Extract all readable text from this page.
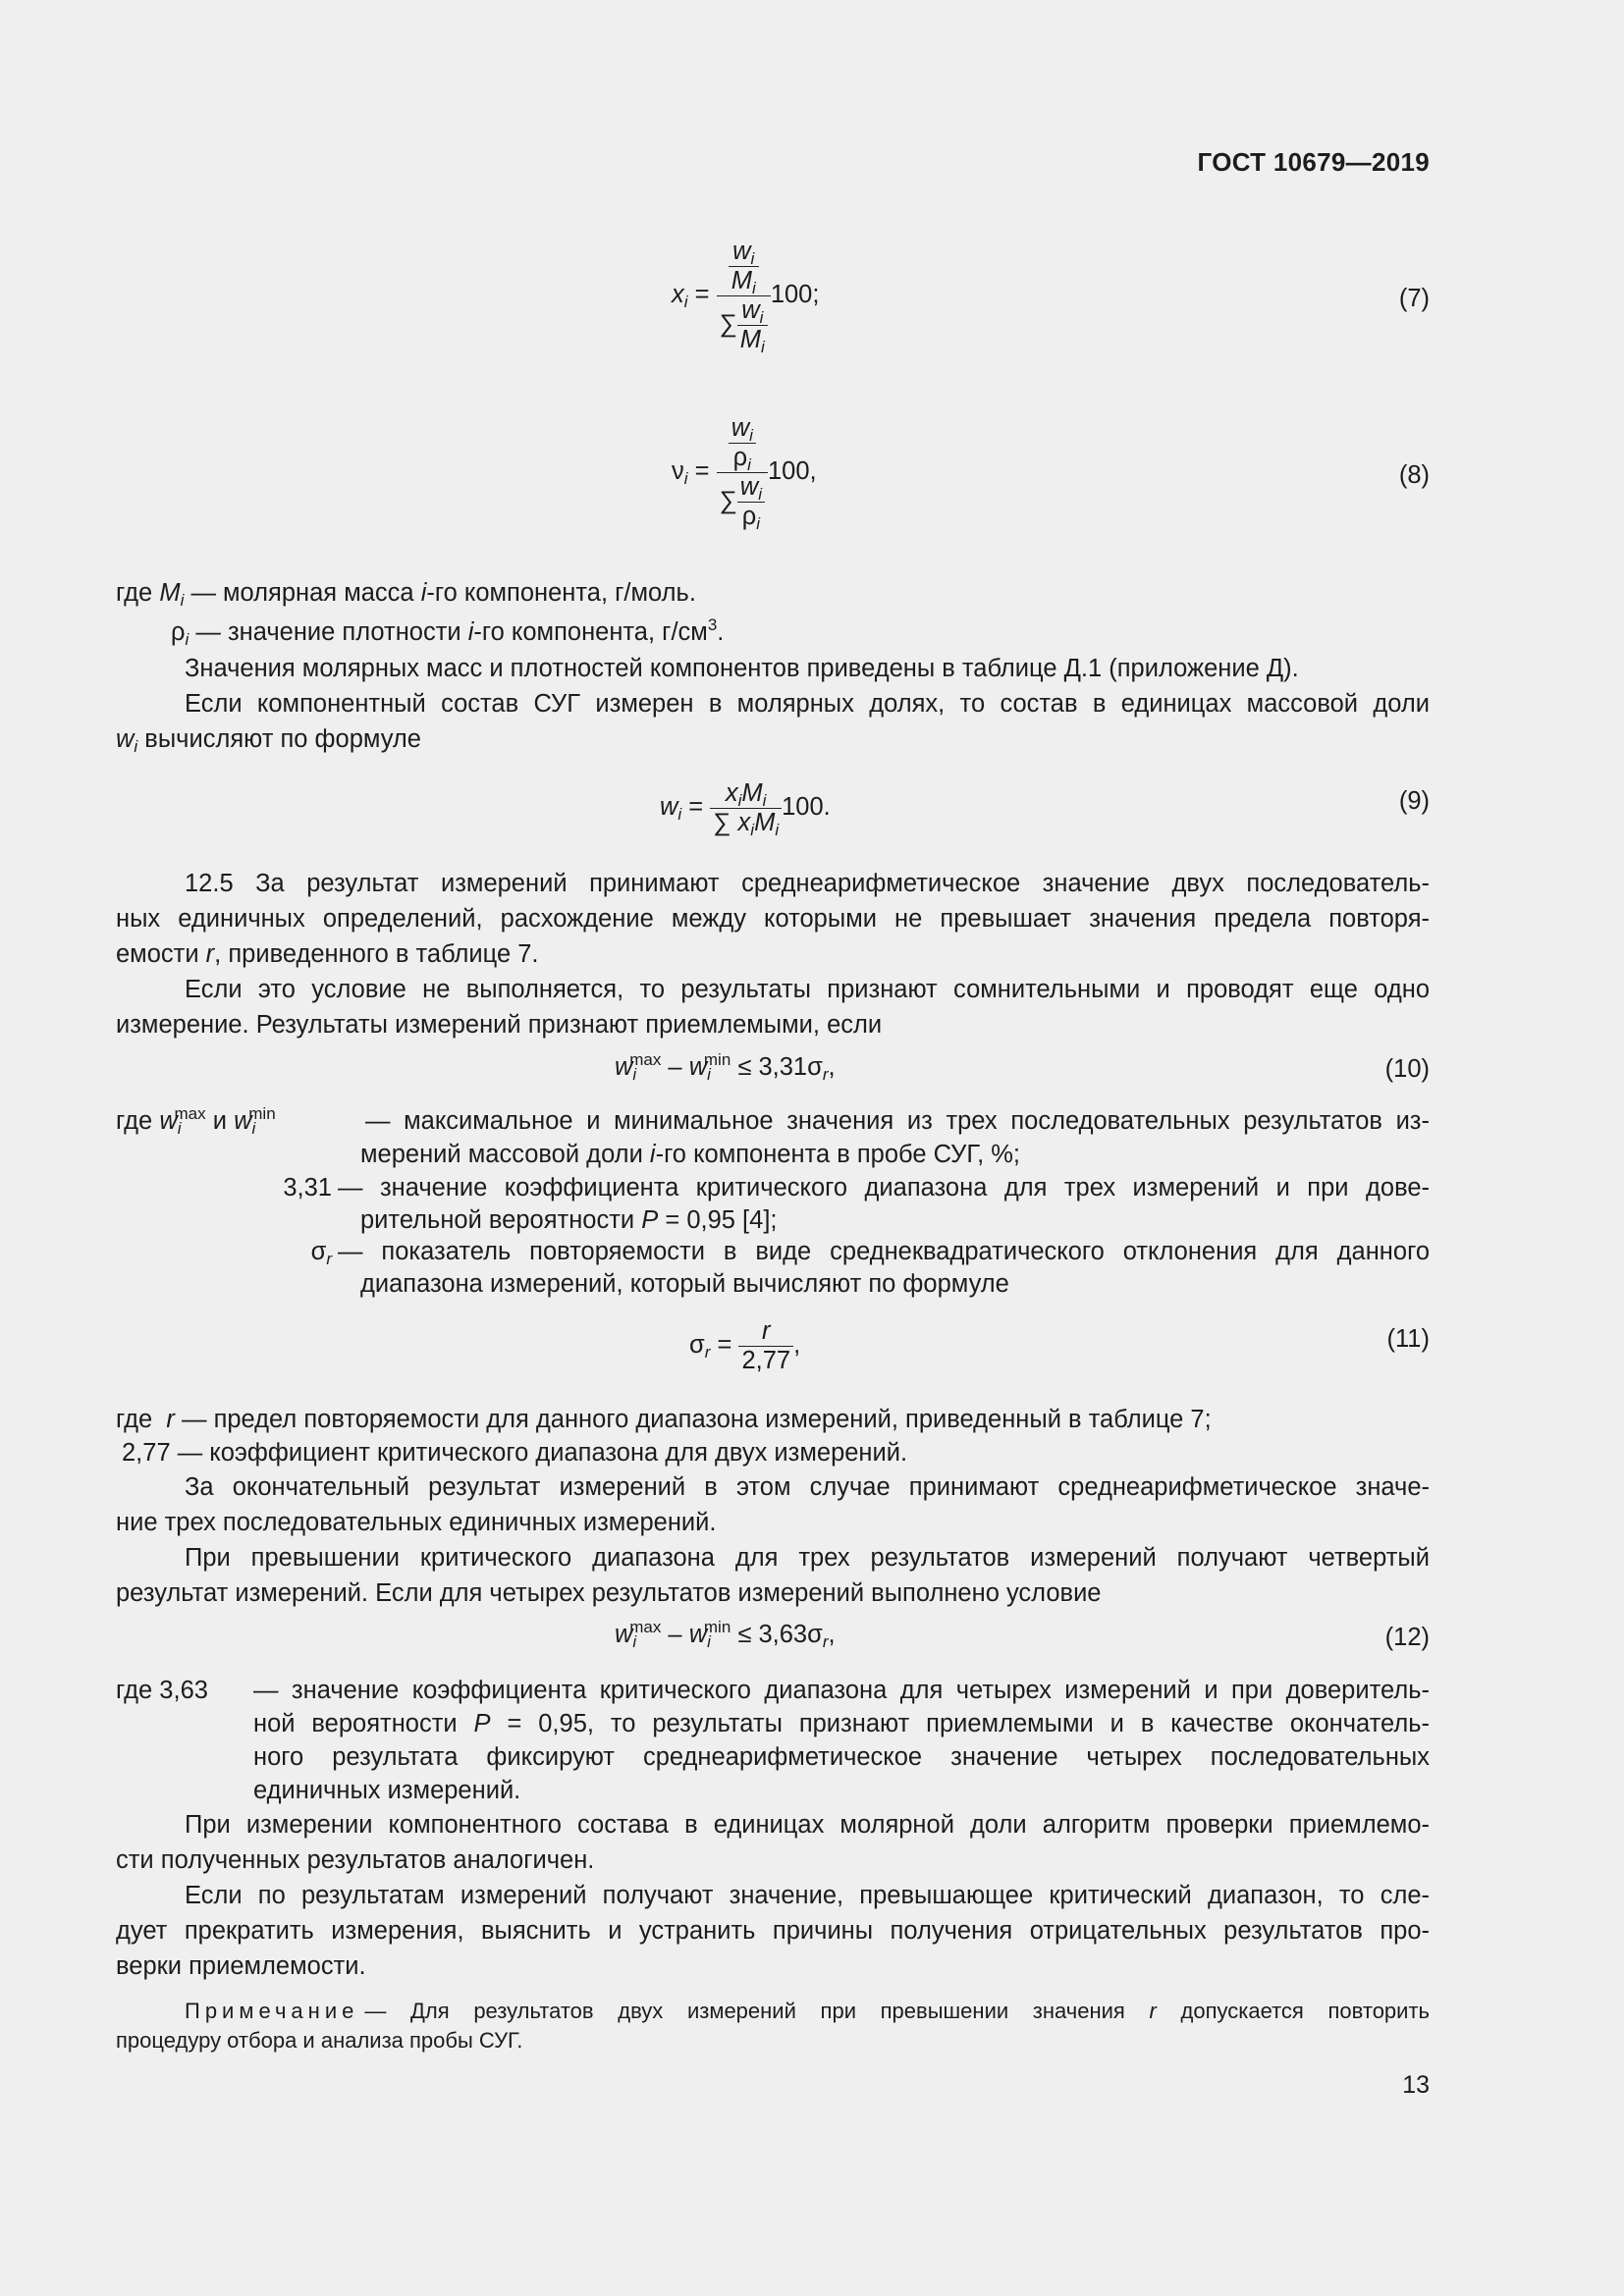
ГОСТ 10679—2019
$x_i = \frac{\frac{w_i}{M_i}}{\sum \frac{w_i}{M_i}} 100$;	(7)
$\nu_i = \frac{\frac{w_i}{\rho_i}}{\sum \frac{w_i}{\rho_i}} 100$,	(8)
где $M_i$ — молярная масса i-го компонента, г/моль.
$\rho_i$ — значение плотности i-го компонента, $г/см^3$.
Значения молярных масс и плотностей компонентов приведены в таблице Д.1 (приложение Д).
Если компонентный состав СУГ измерен в молярных долях, то состав в единицах массовой доли
$w_i$ вычисляют по формуле
$w_i = \frac{x_iM_i}{\sum x_iM_i} 100$.	(9)
12.5 За результат измерений принимают среднеарифметическое значение двух последователь-
ных единичных определений, расхождение между которыми не превышает значения предела повторя-
емости r, приведенного в таблице 7.
Если это условие не выполняется, то результаты признают сомнительными и проводят еще одно
измерение. Результаты измерений признают приемлемыми, если
$w_i^{max} - w_i^{min} \le 3,31\sigma_r$,	(10)
где $w_i^{max}$ и $w_i^{min}$	— максимальное и минимальное значения из трех последовательных результатов из-
мерений массовой доли i-го компонента в пробе СУГ, %;
3,31 — значение коэффициента критического диапазона для трех измерений и при дове-
рительной вероятности P = 0,95 [4];
$\sigma_r$ — показатель повторяемости в виде среднеквадратического отклонения для данного
диапазона измерений, который вычисляют по формуле
$\sigma_r = \frac{r}{2,77}$ ,	(11)
где r — предел повторяемости для данного диапазона измерений, приведенный в таблице 7;
2,77 — коэффициент критического диапазона для двух измерений.
За окончательный результат измерений в этом случае принимают среднеарифметическое значе-
ние трех последовательных единичных измерений.
При превышении критического диапазона для трех результатов измерений получают четвертый
результат измерений. Если для четырех результатов измерений выполнено условие
$w_i^{max} - w_i^{min} \le 3,63\sigma_r$,	(12)
где 3,63	— значение коэффициента критического диапазона для четырех измерений и при доверитель-
ной вероятности P = 0,95, то результаты признают приемлемыми и в качестве окончатель-
ного результата фиксируют среднеарифметическое значение четырех последовательных
единичных измерений.
При измерении компонентного состава в единицах молярной доли алгоритм проверки приемле мо-
сти полученных результатов аналогичен.
Если по результатам измерений получают значение, превышающее критический диапазон, то сле-
дует прекратить измерения, выяснить и устранить причины получения отрицательных результатов про-
верки приемлемости.
Примечание — Для результатов двух измерений при превышении значения r допускается повторить
процедуру отбора и анализа пробы СУГ.
13
